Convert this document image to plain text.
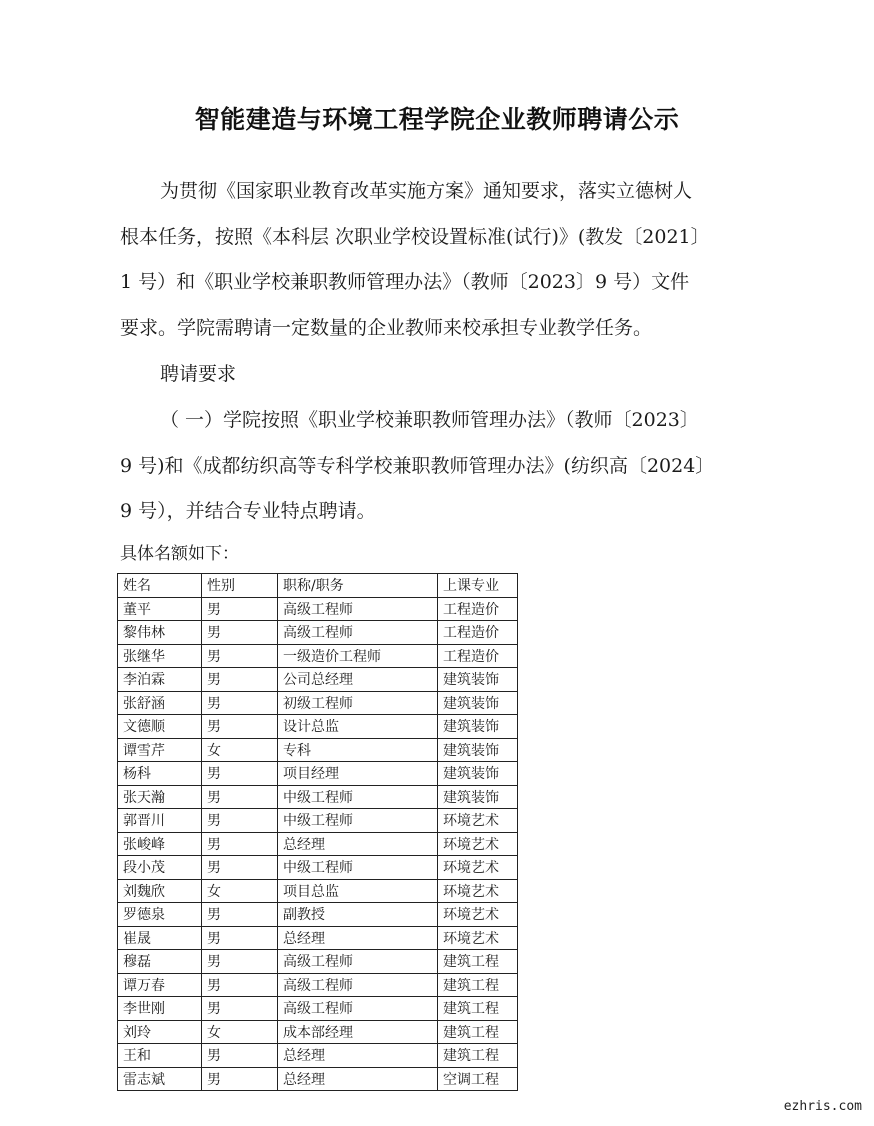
智能建造与环境工程学院企业教师聘请公示
为贯彻《国家职业教育改革实施方案》通知要求，落实立德树人
根本任务，按照《本科层 次职业学校设置标准(试行)》(教发〔2021〕
1 号）和《职业学校兼职教师管理办法》（教师〔2023〕9 号）文件
要求。学院需聘请一定数量的企业教师来校承担专业教学任务。
聘请要求
（ 一）学院按照《职业学校兼职教师管理办法》（教师〔2023〕
9 号)和《成都纺织高等专科学校兼职教师管理办法》(纺织高〔2024〕
9 号），并结合专业特点聘请。
具体名额如下：
姓名	性别	职称/职务	上课专业
董平	男	高级工程师	工程造价
黎伟林	男	高级工程师	工程造价
张继华	男	一级造价工程师	工程造价
李泊霖	男	公司总经理	建筑装饰
张舒涵	男	初级工程师	建筑装饰
文德顺	男	设计总监	建筑装饰
谭雪芹	女	专科	建筑装饰
杨科	男	项目经理	建筑装饰
张天瀚	男	中级工程师	建筑装饰
郭晋川	男	中级工程师	环境艺术
张峻峰	男	总经理	环境艺术
段小茂	男	中级工程师	环境艺术
刘魏欣	女	项目总监	环境艺术
罗德泉	男	副教授	环境艺术
崔晟	男	总经理	环境艺术
穆磊	男	高级工程师	建筑工程
谭万春	男	高级工程师	建筑工程
李世刚	男	高级工程师	建筑工程
刘玲	女	成本部经理	建筑工程
王和	男	总经理	建筑工程
雷志斌	男	总经理	空调工程
ezhris.com
